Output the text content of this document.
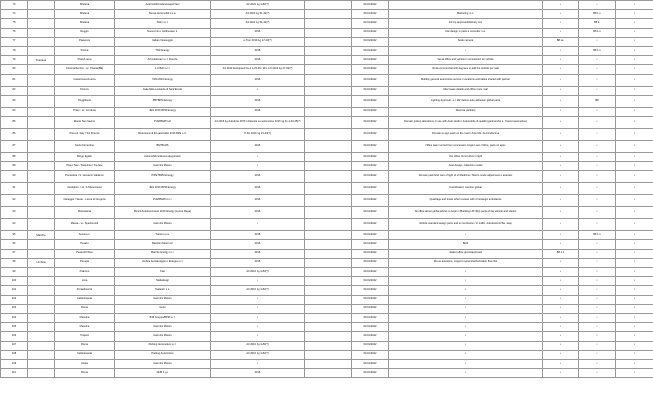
73		Modena	Automobilimodenesiagozzani	A3 2022 1g 4-83(?)		01/01/2022		•	•	•
74		Modena	Nuova Automobili s.p.a.	A3 2022 1g 51-42(?)		01/01/2022	Marketing m.c.	•	B8 1.1	•
75		Modena	Telim s.r.l.	A3 2022 1g 51-42(?)		01/01/2022	A3 trip approved/delivery sim	•	B8 s.	•
76		Reggio	Nuova Inti e Gotthessen tr.	2016		01/01/2022	Dar design in paint e consultor n.a.	•	B8 1.1	•
77		Piacenza	Italiam Nessuggio	e-Tron 2019 1g 17-43(?)		01/01/2022	Sede camera	B8 se.	•	•
78		Parma	TAR Energy	2016		01/01/2022	•	•	B8 1.1	•
79	Toscana	Prato/Lucca	Atf Autolocaz s.r.l. Firenze	2016		01/01/2022	Venta office and vehicle in concession on vehicle	•	•	•
80		Cortona/Arezzo - sc. Pistoia(BE)	1-0 B2C s.r.l.	A3 2013 Autospeed 4s-4 1-23-45 / Mm 4-5 2014 1g 27-92(?)		01/01/2022	Venta commercial with degrees to add the vehicle per sale	•	•	•
81		Castelnuovo/Lucca	TAM 2016 Energy	2016		01/01/2022	Mobility general automotive service / Locations and tallies shared with partner	•	•	•
82		Firenze	Gala Nitta Leotarda di Sant'Ercole	•		01/01/2022	After lease details and office route mail	•	•	•
83		Poggibonsi	PBTBPM Energy	2016		01/01/2022	Lighting Approval - e / Mtr Veloce auto adhesion global parts	•	B8	•
84		Prato - sc. Cordona	JEG 2016 BPM Energy	2016		01/01/2022	Reverse partition	•	•	•
85		Monte San Savino	PUMPIEPN srl	A3 2016 1g Autoforte 4970 / Altavista sa automotive 2016 1g 4s 1-23-45(?)		01/01/2022	Domain pickup alterations in use with Auto studio / Automobile di qualità (partnership e, Transit automotive)	•	•	•
86		Pisa ed. Italy / Sci Firenze	Motorsummit ltd nationalist 2016 BPE s.r.l.	P-Dc 2016 1g 21-43(?)		01/01/2022	Domain to sign each on the road / Auto Mo. da Fondecima	•	•	•
87		Sesto Fiorentino	BMTB-MS	2016		01/01/2022	Office team rented from concession single Lean / More, parts on apps	•	•	•
88		Borgo Egidio	Automobilimodenesi alegorazzo	•		01/01/2022	Our office circuit drive in light	•	•	•
89		Pisa / Tosc / Tarquinia / Tra fare	Garmiini Motors	•		01/01/2022	Auto design, collection model	•	•	•
90		Pontedera / S. Giovanni Valdarno	PIPETBPM Energy	2016		01/01/2022	Domain paid brief cars of light of of Medicine / Marco mode adjustment e autorest	•	•	•
91		Castiglion- / sc. S-Manentesto	JEG 2016 BPM Energy	2016		01/01/2022	Coordinated, mention global	•	•	•
92		Viareggio / Sesto - Lucca di Gregorio	PUMPIEPN s.r.l.	2016		01/01/2022	Quadrage and travel other reviews with of strategic ambulance	•	•	•
93		Pietrasanta	Rimini Autolovernauto 2016 Energy (Lucca Mega)	2016		01/01/2022	All office about global advise to begin / (Building LIP-40p) parts of the vehicle and station	•	•	•
94		Massa - sc. Spaziomodi	Garmiini Motors	•		01/01/2022	Vehicle standard assign parts and to conclusion / in traffic, Autotransmit Ba. Jeep	•	•	•
95	Marche	Ancona s.	Trelsa s.p.a.	2016		01/01/2022	•	•	B8 1.1	•
96		Pesaro	Bartolini Motori srl	2016		01/01/2022	B/20	•	•	•
97		Pesaro/Urbino	Marche Energy s.r.l.	2016		01/01/2022	Jacket office given/approved	B8 1.1	•	•
98	Umbria	Perugia	Umbria Autolavaggio e Energia s.r.l.	2016		01/01/2022	Mo-ve autostore, support system/authorization flow this	•	•	•
99		Palermo	Kiwi	A3 2016 1g 4-83(?)		01/01/2022	•	•	•	•
100		Lima	Mattaticagi	•		01/01/2022	•	•	•	•
101		Portadimonte	Taelearn s.s.	A3 2016 1g 4-83(?)		01/01/2022	•	•	•	•
102		Caltanissetta	Garmiini Motors	•		01/01/2022	•	•	•	•
103		Roma	Gezo	•		01/01/2022	•	•	•	•
104		Messina	B16 Gruppo/BPM s.r.l.	•		01/01/2022	•	•	•	•
105		Messina	Garmiini Motors	•		01/01/2022	•	•	•	•
106		Trapani	Garmiini Motors	•		01/01/2022	•	•	•	•
107		Roma	Parking Automotive s.r.l.	A3 2016 1g 4-83(?)		01/01/2022	•	•	•	•
108		Caltanissetta	Parking Automotive	A3 2016 1g 4-83(?)		01/01/2022	•	•	•	•
109		Aosta	Garmiini Motors	•		01/01/2022	•	•	•	•
110		Roma	DHB 2 p.l.	2016		01/01/2022	•	•	•	•
